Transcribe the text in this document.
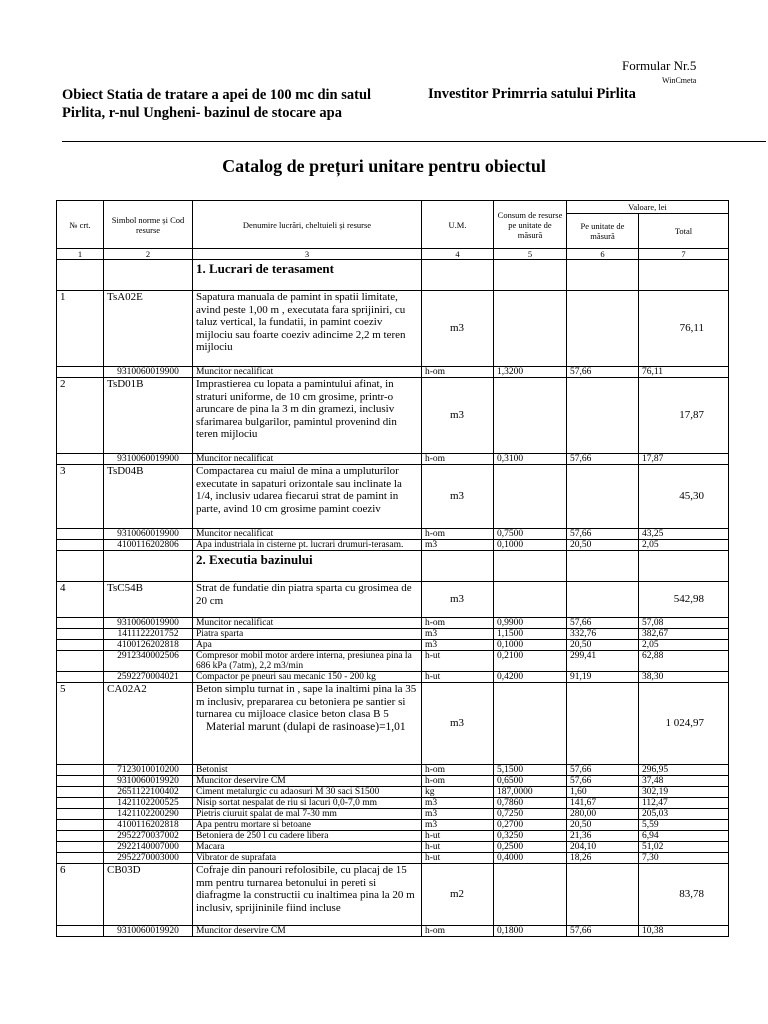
Formular Nr.5
WinCmeta
Obiect Statia de tratare a apei de 100 mc din satul Pirlita, r-nul Ungheni- bazinul de stocare apa
Investitor Primrria satului Pirlita
Catalog de prețuri unitare pentru obiectul
№ crt.	Simbol norme și Cod resurse	Denumire lucrări, cheltuieli și resurse	U.M.	Consum de resurse pe unitate de măsură	Valoare, lei	
					Pe unitate de măsură	Total
1	2	3	4	5	6	7
		1. Lucrari de terasament				
1	TsA02E	Sapatura manuala de pamint in spatii limitate, avind peste 1,00 m , executata fara sprijiniri, cu taluz vertical, la fundatii, in pamint coeziv mijlociu sau foarte coeziv adincime 2,2 m teren mijlociu	m3			76,11
	9310060019900	Muncitor necalificat	h-om	1,3200	57,66	76,11
2	TsD01B	Imprastierea cu lopata a pamintului afinat, in straturi uniforme, de 10 cm grosime, printr-o aruncare de pina la 3 m din gramezi, inclusiv sfarimarea bulgarilor, pamintul provenind din teren mijlociu	m3			17,87
	9310060019900	Muncitor necalificat	h-om	0,3100	57,66	17,87
3	TsD04B	Compactarea cu maiul de mina a umpluturilor executate in sapaturi orizontale sau inclinate la 1/4, inclusiv udarea fiecarui strat de pamint in parte, avind 10 cm grosime pamint coeziv	m3			45,30
	9310060019900	Muncitor necalificat	h-om	0,7500	57,66	43,25
	4100116202806	Apa industriala in cisterne pt. lucrari drumuri-terasam.	m3	0,1000	20,50	2,05
		2. Executia bazinului				
4	TsC54B	Strat de fundatie din piatra sparta cu grosimea de 20 cm	m3			542,98
	9310060019900	Muncitor necalificat	h-om	0,9900	57,66	57,08
	1411122201752	Piatra sparta	m3	1,1500	332,76	382,67
	4100126202818	Apa	m3	0,1000	20,50	2,05
	2912340002506	Compresor mobil motor ardere interna, presiunea pina la 686 kPa (7atm), 2,2 m3/min	h-ut	0,2100	299,41	62,88
	2592270004021	Compactor pe pneuri sau mecanic 150 - 200 kg	h-ut	0,4200	91,19	38,30
5	CA02A2	Beton simplu turnat in , sape la inaltimi pina la 35 m inclusiv, prepararea cu betoniera pe santier si turnarea cu mijloace clasice beton clasa B 5
Material marunt (dulapi de rasinoase)=1,01	m3			1 024,97
	7123010010200	Betonist	h-om	5,1500	57,66	296,95
	9310060019920	Muncitor deservire CM	h-om	0,6500	57,66	37,48
	2651122100402	Ciment metalurgic cu adaosuri M 30 saci S1500	kg	187,0000	1,60	302,19
	1421102200525	Nisip sortat nespalat de riu si lacuri 0,0-7,0 mm	m3	0,7860	141,67	112,47
	1421102200290	Pietris ciuruit spalat de mal 7-30 mm	m3	0,7250	280,00	205,03
	4100116202818	Apa pentru mortare si betoane	m3	0,2700	20,50	5,59
	2952270037002	Betoniera de 250 l cu cadere libera	h-ut	0,3250	21,36	6,94
	2922140007000	Macara	h-ut	0,2500	204,10	51,02
	2952270003000	Vibrator de suprafata	h-ut	0,4000	18,26	7,30
6	CB03D	Cofraje din panouri refolosibile, cu placaj de 15 mm pentru turnarea betonului in pereti si diafragme la constructii cu inaltimea pina la 20 m inclusiv, sprijininile fiind incluse	m2			83,78
	9310060019920	Muncitor deservire CM	h-om	0,1800	57,66	10,38
